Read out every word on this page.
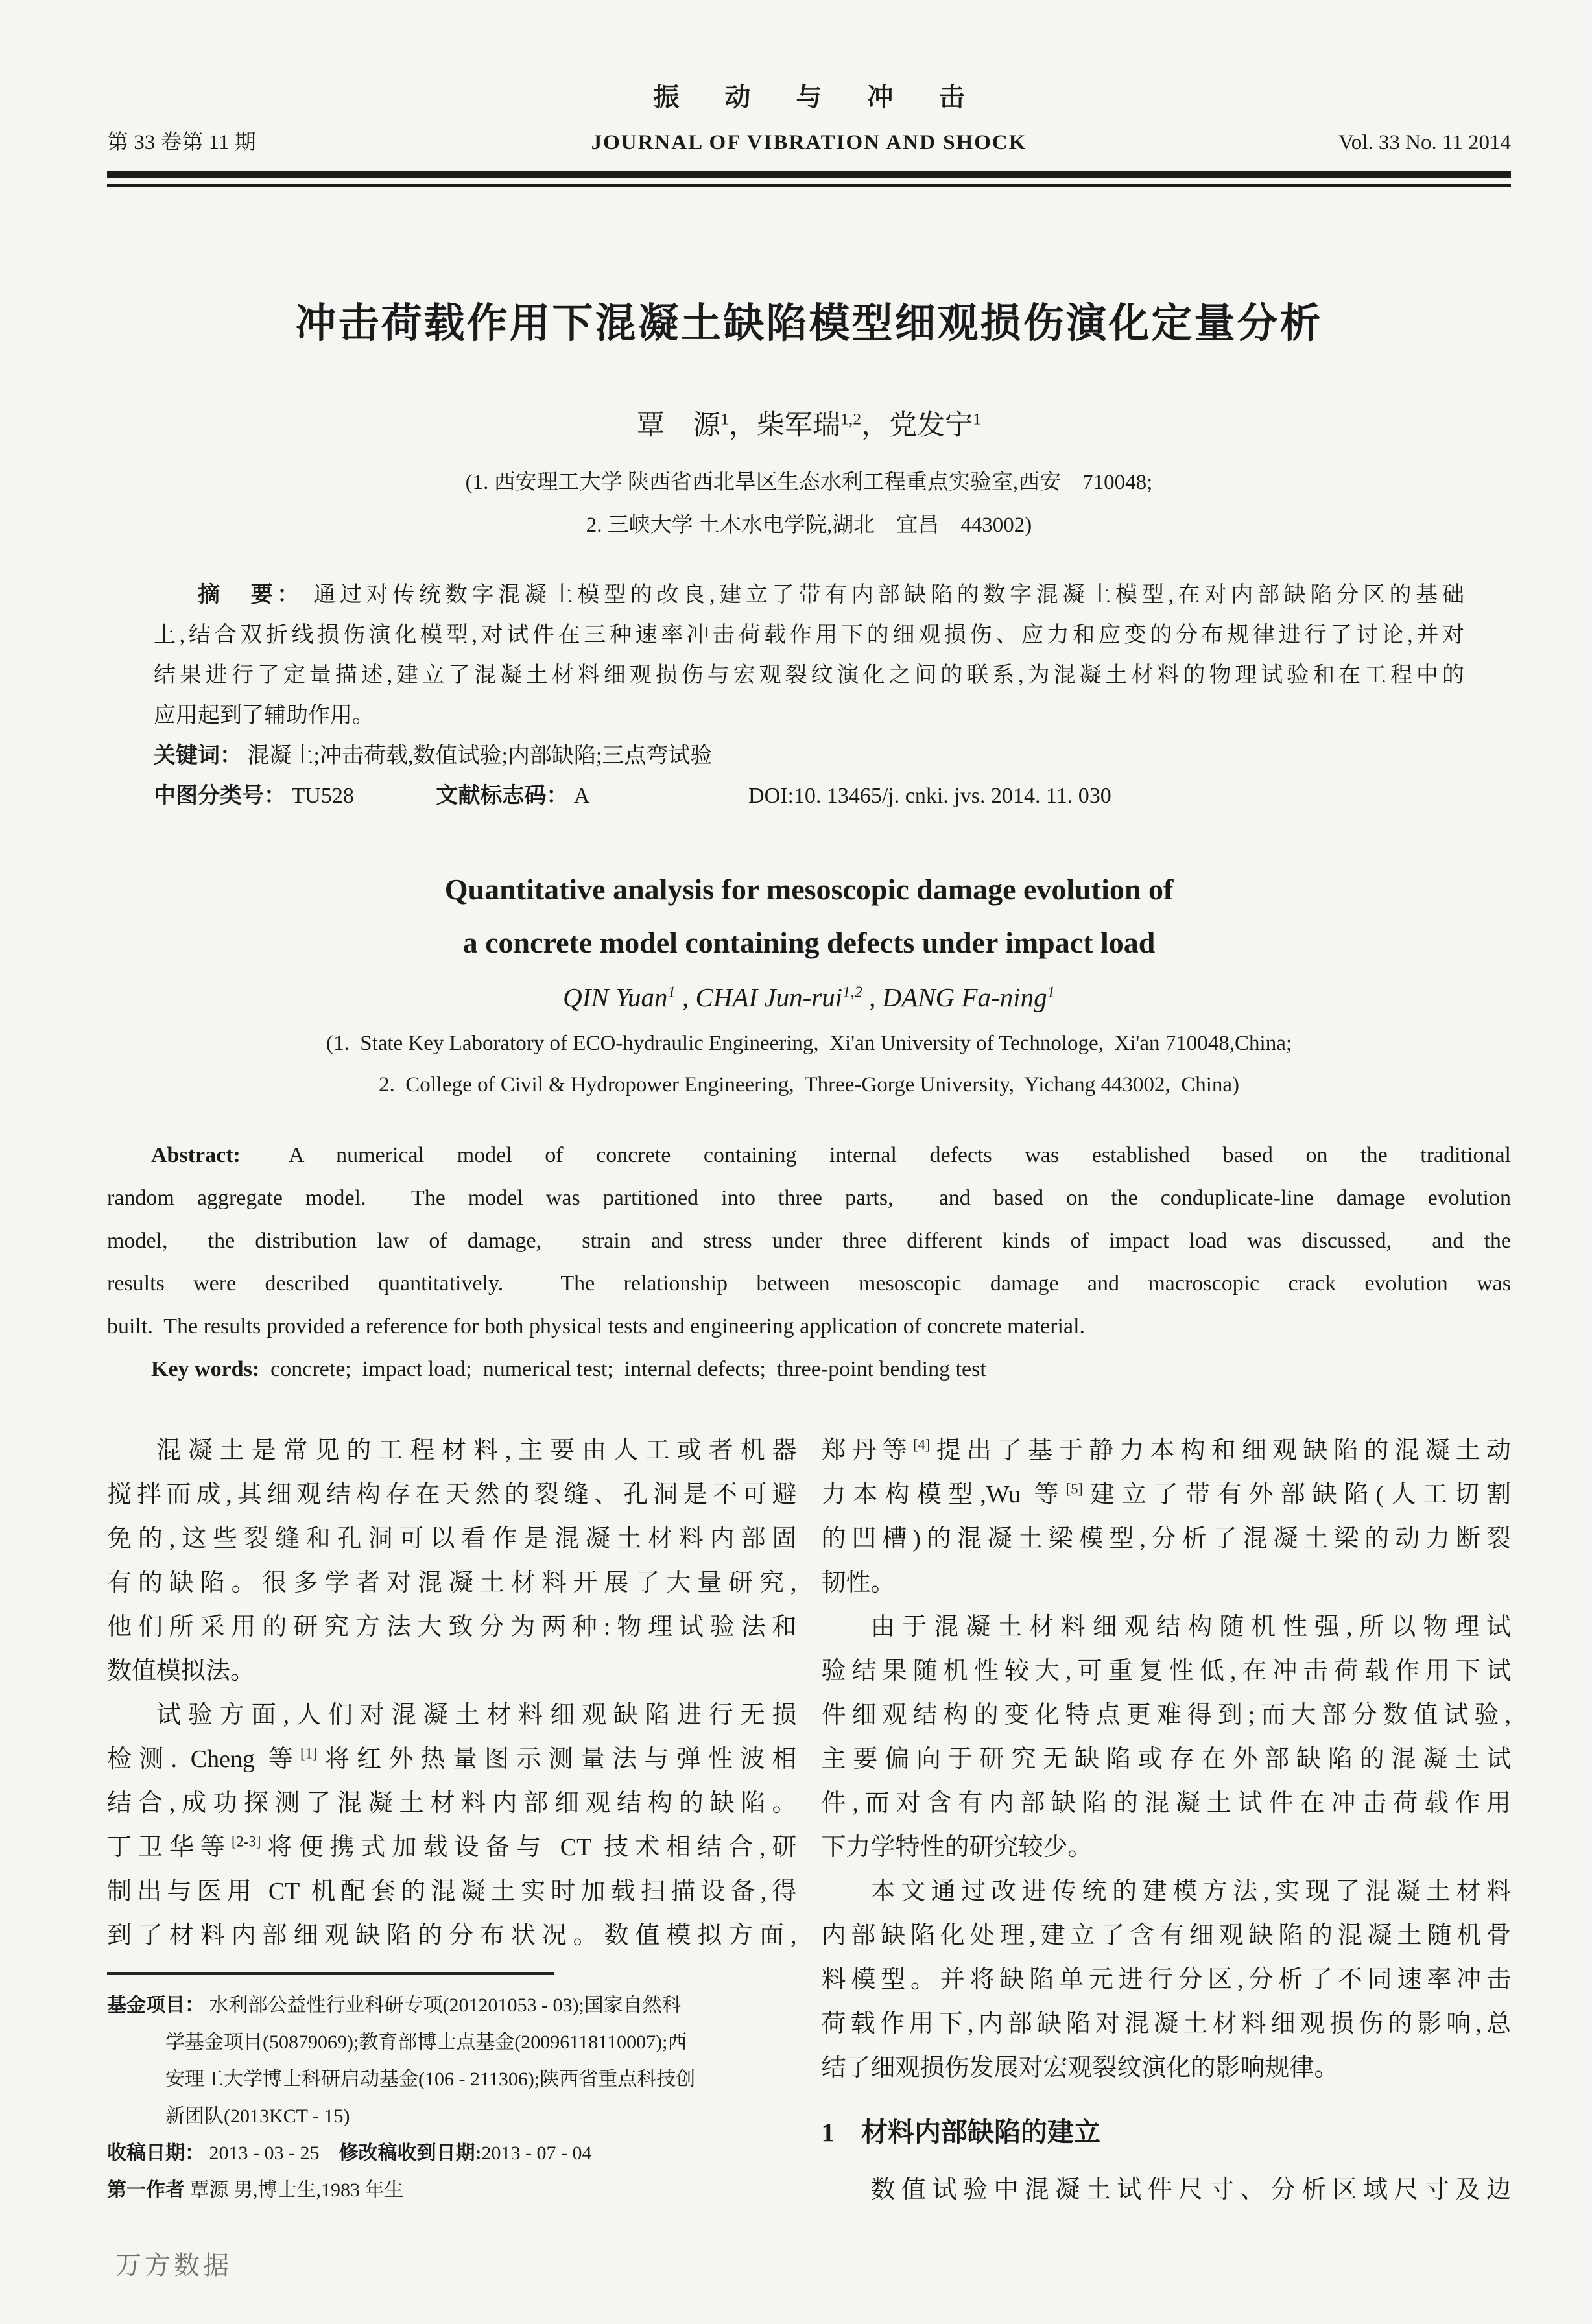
振 动 与 冲 击
第 33 卷第 11 期	JOURNAL OF VIBRATION AND SHOCK	Vol. 33 No. 11 2014
冲击荷载作用下混凝土缺陷模型细观损伤演化定量分析
覃　源$^1$，柴军瑞$^{1,2}$，党发宁$^1$
(1. 西安理工大学 陕西省西北旱区生态水利工程重点实验室,西安　710048;
2. 三峡大学 土木水电学院,湖北　宜昌　443002)
摘　要： 通过对传统数字混凝土模型的改良,建立了带有内部缺陷的数字混凝土模型,在对内部缺陷分区的基础
上,结合双折线损伤演化模型,对试件在三种速率冲击荷载作用下的细观损伤、应力和应变的分布规律进行了讨论,并对
结果进行了定量描述,建立了混凝土材料细观损伤与宏观裂纹演化之间的联系,为混凝土材料的物理试验和在工程中的
应用起到了辅助作用。
关键词： 混凝土;冲击荷载,数值试验;内部缺陷;三点弯试验
中图分类号： TU528	文献标志码： A	DOI:10. 13465/j. cnki. jvs. 2014. 11. 030
Quantitative analysis for mesoscopic damage evolution of
a concrete model containing defects under impact load
QIN Yuan$^1$ , CHAI Jun-rui$^{1,2}$ , DANG Fa-ning$^1$
(1.  State Key Laboratory of ECO-hydraulic Engineering,  Xi'an University of Technologe,  Xi'an 710048,China;
2.  College of Civil & Hydropower Engineering,  Three-Gorge University,  Yichang 443002,  China)
Abstract:   A  numerical  model  of  concrete  containing  internal  defects  was  established  based  on  the  traditional
random aggregate model.  The model was partitioned into three parts,  and based on the conduplicate-line damage evolution
model,  the distribution law of damage,  strain and stress under three different kinds of impact load was discussed,  and the
results were described quantitatively.  The relationship between mesoscopic damage and macroscopic crack evolution was
built.  The results provided a reference for both physical tests and engineering application of concrete material.
Key words:  concrete;  impact load;  numerical test;  internal defects;  three-point bending test
混凝土是常见的工程材料,主要由人工或者机器
搅拌而成,其细观结构存在天然的裂缝、孔洞是不可避
免的,这些裂缝和孔洞可以看作是混凝土材料内部固
有的缺陷。很多学者对混凝土材料开展了大量研究,
他们所采用的研究方法大致分为两种:物理试验法和
数值模拟法。
试验方面,人们对混凝土材料细观缺陷进行无损
检测. Cheng 等[1]将红外热量图示测量法与弹性波相
结合,成功探测了混凝土材料内部细观结构的缺陷。
丁卫华等[2-3]将便携式加载设备与 CT 技术相结合,研
制出与医用 CT 机配套的混凝土实时加载扫描设备,得
到了材料内部细观缺陷的分布状况。数值模拟方面,
基金项目： 水利部公益性行业科研专项(201201053 - 03);国家自然科
学基金项目(50879069);教育部博士点基金(20096118110007);西
安理工大学博士科研启动基金(106 - 211306);陕西省重点科技创
新团队(2013KCT - 15)
收稿日期： 2013 - 03 - 25　修改稿收到日期:2013 - 07 - 04
第一作者 覃源 男,博士生,1983 年生
郑丹等[4]提出了基于静力本构和细观缺陷的混凝土动
力本构模型,Wu 等[5]建立了带有外部缺陷(人工切割
的凹槽)的混凝土梁模型,分析了混凝土梁的动力断裂
韧性。
由于混凝土材料细观结构随机性强,所以物理试
验结果随机性较大,可重复性低,在冲击荷载作用下试
件细观结构的变化特点更难得到;而大部分数值试验,
主要偏向于研究无缺陷或存在外部缺陷的混凝土试
件,而对含有内部缺陷的混凝土试件在冲击荷载作用
下力学特性的研究较少。
本文通过改进传统的建模方法,实现了混凝土材料
内部缺陷化处理,建立了含有细观缺陷的混凝土随机骨
料模型。并将缺陷单元进行分区,分析了不同速率冲击
荷载作用下,内部缺陷对混凝土材料细观损伤的影响,总
结了细观损伤发展对宏观裂纹演化的影响规律。
1　材料内部缺陷的建立
数值试验中混凝土试件尺寸、分析区域尺寸及边
万方数据
